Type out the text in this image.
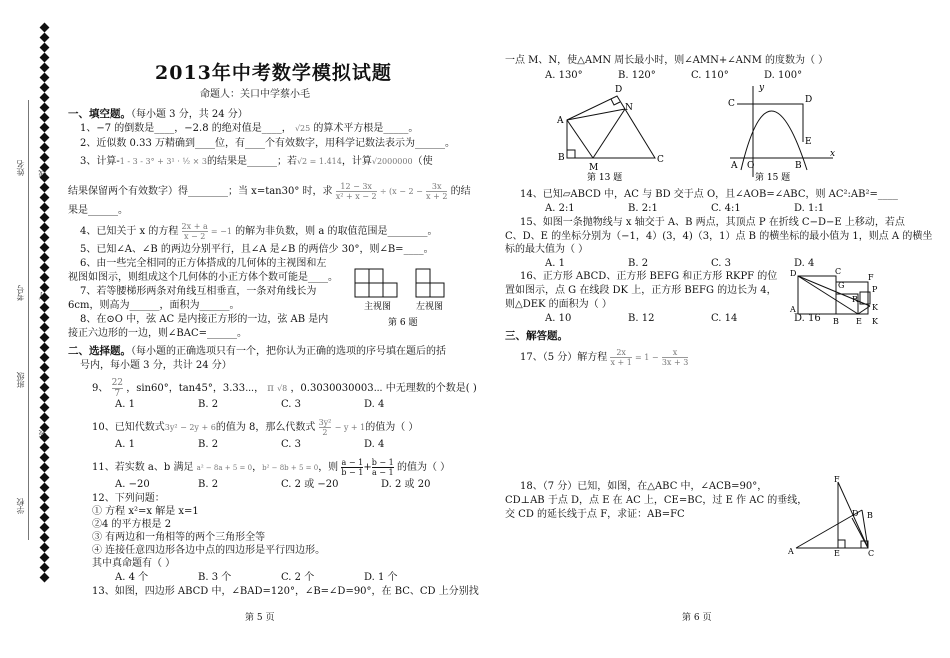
姓名
考号
班级
学校
2013年中考数学模拟试题
命题人：关口中学蔡小毛
一、填空题。（每小题 3 分，共 24 分）
1、−7 的倒数是____，−2.8 的绝对值是____， √25 的算术平方根是_____。
2、近似数 0.33 万精确到____位，有____个有效数字，用科学记数法表示为______。
3、计算-1 - 3 - 3° + 3¹ · ½ × 3的结果是______；若√2 = 1.414，计算√2000000（使
结果保留两个有效数字）得________；当 x=tan30° 时，求 $\frac{12 - 3x}{\text{x² + x − 2}} \div (x - 2 - \frac{3x}{x + 2}$ 的结
果是______。
4、已知关于 x 的方程 $\frac{2x + a}{x - 2} = -1$ 的解为非负数，则 a 的取值范围是________。
5、已知∠A、∠B 的两边分别平行，且∠A 是∠B 的两倍少 30°，则∠B=____。
6、由一些完全相同的正方体搭成的几何体的主视图和左
视图如图示，则组成这个几何体的小正方体个数可能是____。
7、若等腰梯形两条对角线互相垂直，一条对角线长为
6cm，则高为______，面积为______。
8、在⊙O 中，弦 AC 是内接正方形的一边，弦 AB 是内
接正六边形的一边，则∠BAC=______。
主视图	左视图
第 6 题
二、选择题。（每小题的正确选项只有一个，把你认为正确的选项的序号填在题后的括
号内，每小题 3 分，共计 24 分）
9、 $\frac{22}{7}$ ，sin60°，tan45°，3.33⋯， π √8 ，0.3030030003⋯ 中无理数的个数是( )
A. 1	B. 2	C. 3	D. 4
10、已知代数式3y² − 2y + 6的值为 8，那么代数式 $\frac{\text{3y²}}{2} - y + 1$的值为（ ）
A. 1	B. 2	C. 3	D. 4
11、若实数 a、b 满足 a² − 8a + 5 = 0，b² − 8b + 5 = 0，则 $\frac{a - 1}{b - 1} + \frac{b - 1}{a - 1}$ 的值为（ ）
A. −20	B. 2	C. 2 或 −20	D. 2 或 20
12、下列问题：
① 方程 x²=x 解是 x=1
②4 的平方根是 2
③ 有两边和一角相等的两个三角形全等
④ 连接任意四边形各边中点的四边形是平行四边形。
其中真命题有（ ）
A. 4 个	B. 3 个	C. 2 个	D. 1 个
13、如图，四边形 ABCD 中，∠BAD=120°，∠B=∠D=90°，在 BC、CD 上分别找
第 5 页
一点 M、N，使△AMN 周长最小时，则∠AMN+∠ANM 的度数为（ ）
A. 130°	B. 120°	C. 110°	D. 100°
A
B	C
D
N
M
第 13 题
C	D
E
y
x
A O	B
第 15 题
14、已知▱ABCD 中，AC 与 BD 交于点 O，且∠AOB=∠ABC，则 AC²:AB²=____
A. 2:1	B. 2:1	C. 4:1	D. 1:1
15、如图一条抛物线与 x 轴交于 A、B 两点，其顶点 P 在折线 C−D−E 上移动，若点
C、D、E 的坐标分别为（−1，4）(3，4)（3，1）点 B 的横坐标的最小值为 1，则点 A 的横坐
标的最大值为（ ）
A. 1	B. 2	C. 3	D. 4
16、正方形 ABCD、正方形 BEFG 和正方形 RKPF 的位
置如图示，点 G 在线段 DK 上，正方形 BEFG 的边长为 4，
则△DEK 的面积为（ ）
A. 10	B. 12	C. 14	D. 16
D	C
G
F
P
R
K
A
B E K
三、解答题。
17、（5 分）解方程 $\frac{2x}{x + 1} = 1 - \frac{x}{3x + 3}$
18、（7 分）已知，如图，在△ABC 中，∠ACB=90°，
CD⊥AB 于点 D，点 E 在 AC 上，CE=BC，过 E 作 AC 的垂线，
交 CD 的延长线于点 F，求证：AB=FC
A	E	C
F
B
D
第 6 页
